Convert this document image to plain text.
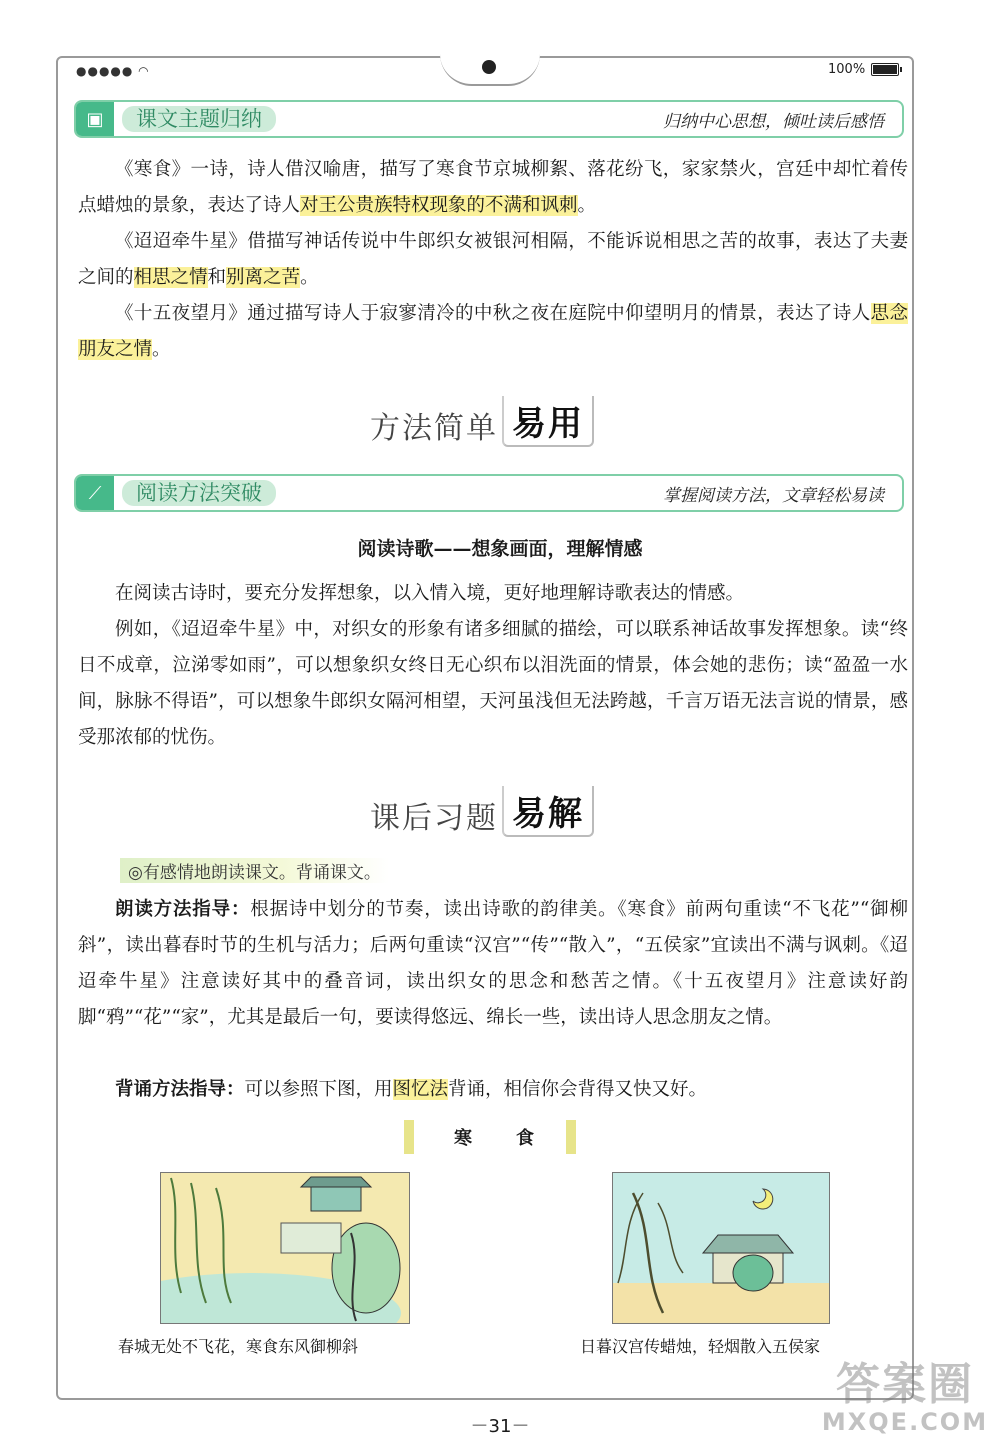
●●●●● ◠	100%
▣	课文主题归纳	归纳中心思想，倾吐读后感悟

《寒食》一诗，诗人借汉喻唐，描写了寒食节京城柳絮、落花纷飞，家家禁火，宫廷中却忙着传点蜡烛的景象，表达了诗人对王公贵族特权现象的不满和讽刺。

《迢迢牵牛星》借描写神话传说中牛郎织女被银河相隔，不能诉说相思之苦的故事，表达了夫妻之间的相思之情和别离之苦。

《十五夜望月》通过描写诗人于寂寥清冷的中秋之夜在庭院中仰望明月的情景，表达了诗人思念朋友之情。

方法简单 易用
⟋	阅读方法突破	掌握阅读方法，文章轻松易读
阅读诗歌——想象画面，理解情感

在阅读古诗时，要充分发挥想象，以入情入境，更好地理解诗歌表达的情感。

例如，《迢迢牵牛星》中，对织女的形象有诸多细腻的描绘，可以联系神话故事发挥想象。读“终日不成章，泣涕零如雨”，可以想象织女终日无心织布以泪洗面的情景，体会她的悲伤；读“盈盈一水间，脉脉不得语”，可以想象牛郎织女隔河相望，天河虽浅但无法跨越，千言万语无法言说的情景，感受那浓郁的忧伤。

课后习题 易解
◎有感情地朗读课文。背诵课文。

朗读方法指导：根据诗中划分的节奏，读出诗歌的韵律美。《寒食》前两句重读“不飞花”“御柳斜”，读出暮春时节的生机与活力；后两句重读“汉宫”“传”“散入”，“五侯家”宜读出不满与讽刺。《迢迢牵牛星》注意读好其中的叠音词，读出织女的思念和愁苦之情。《十五夜望月》注意读好韵脚“鸦”“花”“家”，尤其是最后一句，要读得悠远、绵长一些，读出诗人思念朋友之情。

背诵方法指导：可以参照下图，用图忆法背诵，相信你会背得又快又好。

寒 食
春城无处不飞花，寒食东风御柳斜	日暮汉宫传蜡烛，轻烟散入五侯家
－31－
答案圈
MXQE.COM
